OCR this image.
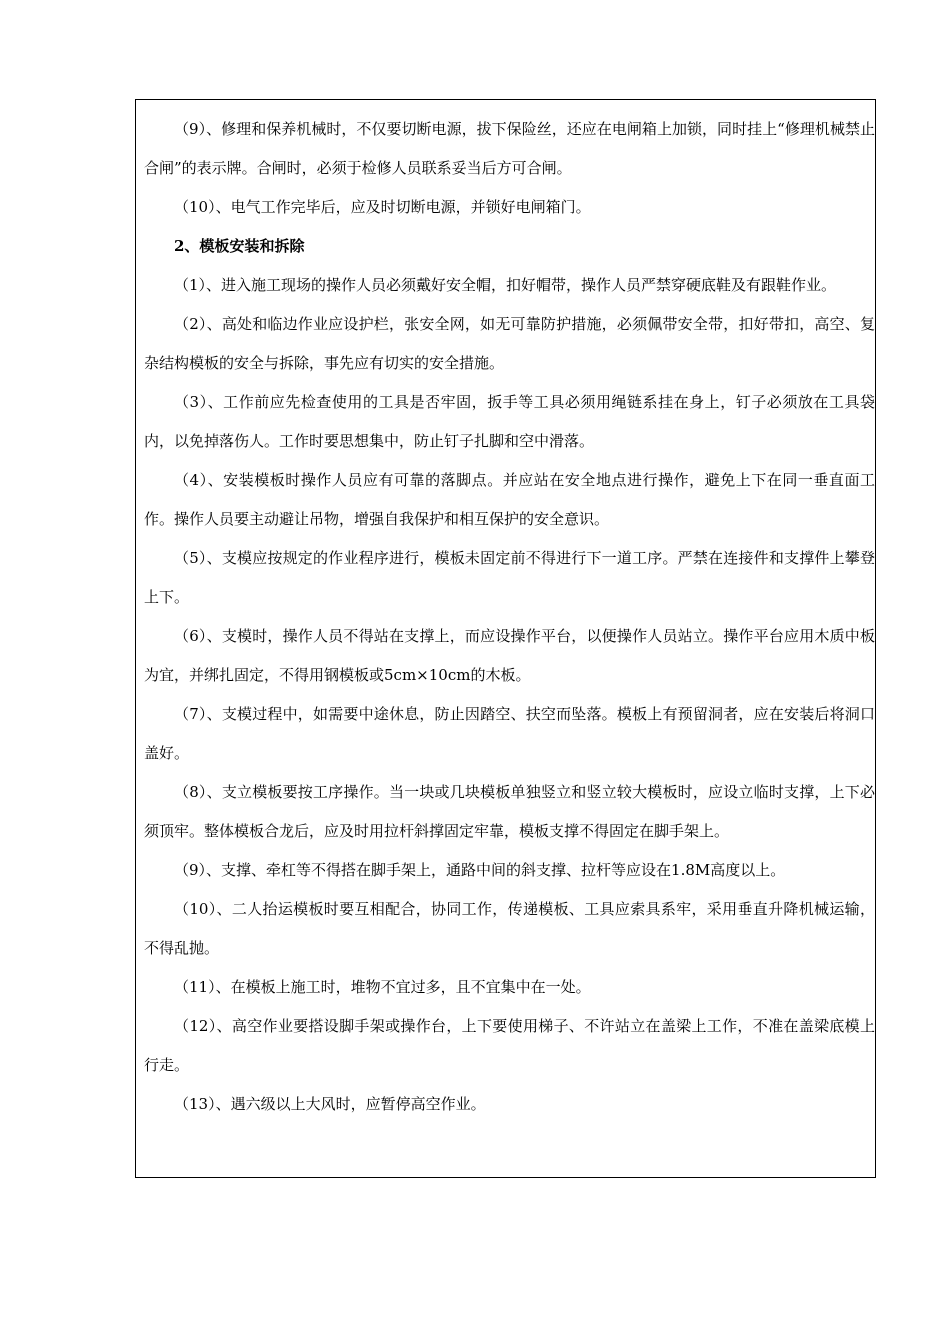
（9）、修理和保养机械时，不仅要切断电源，拔下保险丝，还应在电闸箱上加锁，同时挂上“修理机械禁止合闸”的表示牌。合闸时，必须于检修人员联系妥当后方可合闸。

（10）、电气工作完毕后，应及时切断电源，并锁好电闸箱门。

2、模板安装和拆除

（1）、进入施工现场的操作人员必须戴好安全帽，扣好帽带，操作人员严禁穿硬底鞋及有跟鞋作业。

（2）、高处和临边作业应设护栏，张安全网，如无可靠防护措施，必须佩带安全带，扣好带扣，高空、复杂结构模板的安全与拆除，事先应有切实的安全措施。

（3）、工作前应先检查使用的工具是否牢固，扳手等工具必须用绳链系挂在身上，钉子必须放在工具袋内，以免掉落伤人。工作时要思想集中，防止钉子扎脚和空中滑落。

（4）、安装模板时操作人员应有可靠的落脚点。并应站在安全地点进行操作，避免上下在同一垂直面工作。操作人员要主动避让吊物，增强自我保护和相互保护的安全意识。

（5）、支模应按规定的作业程序进行，模板未固定前不得进行下一道工序。严禁在连接件和支撑件上攀登上下。

（6）、支模时，操作人员不得站在支撑上，而应设操作平台，以便操作人员站立。操作平台应用木质中板为宜，并绑扎固定，不得用钢模板或5cm×10cm的木板。

（7）、支模过程中，如需要中途休息，防止因踏空、扶空而坠落。模板上有预留洞者，应在安装后将洞口盖好。

（8）、支立模板要按工序操作。当一块或几块模板单独竖立和竖立较大模板时，应设立临时支撑，上下必须顶牢。整体模板合龙后，应及时用拉杆斜撑固定牢靠，模板支撑不得固定在脚手架上。

（9）、支撑、牵杠等不得搭在脚手架上，通路中间的斜支撑、拉杆等应设在1.8M高度以上。

（10）、二人抬运模板时要互相配合，协同工作，传递模板、工具应索具系牢，采用垂直升降机械运输，不得乱抛。

（11）、在模板上施工时，堆物不宜过多，且不宜集中在一处。

（12）、高空作业要搭设脚手架或操作台，上下要使用梯子、不许站立在盖梁上工作，不准在盖梁底模上行走。

（13）、遇六级以上大风时，应暂停高空作业。
